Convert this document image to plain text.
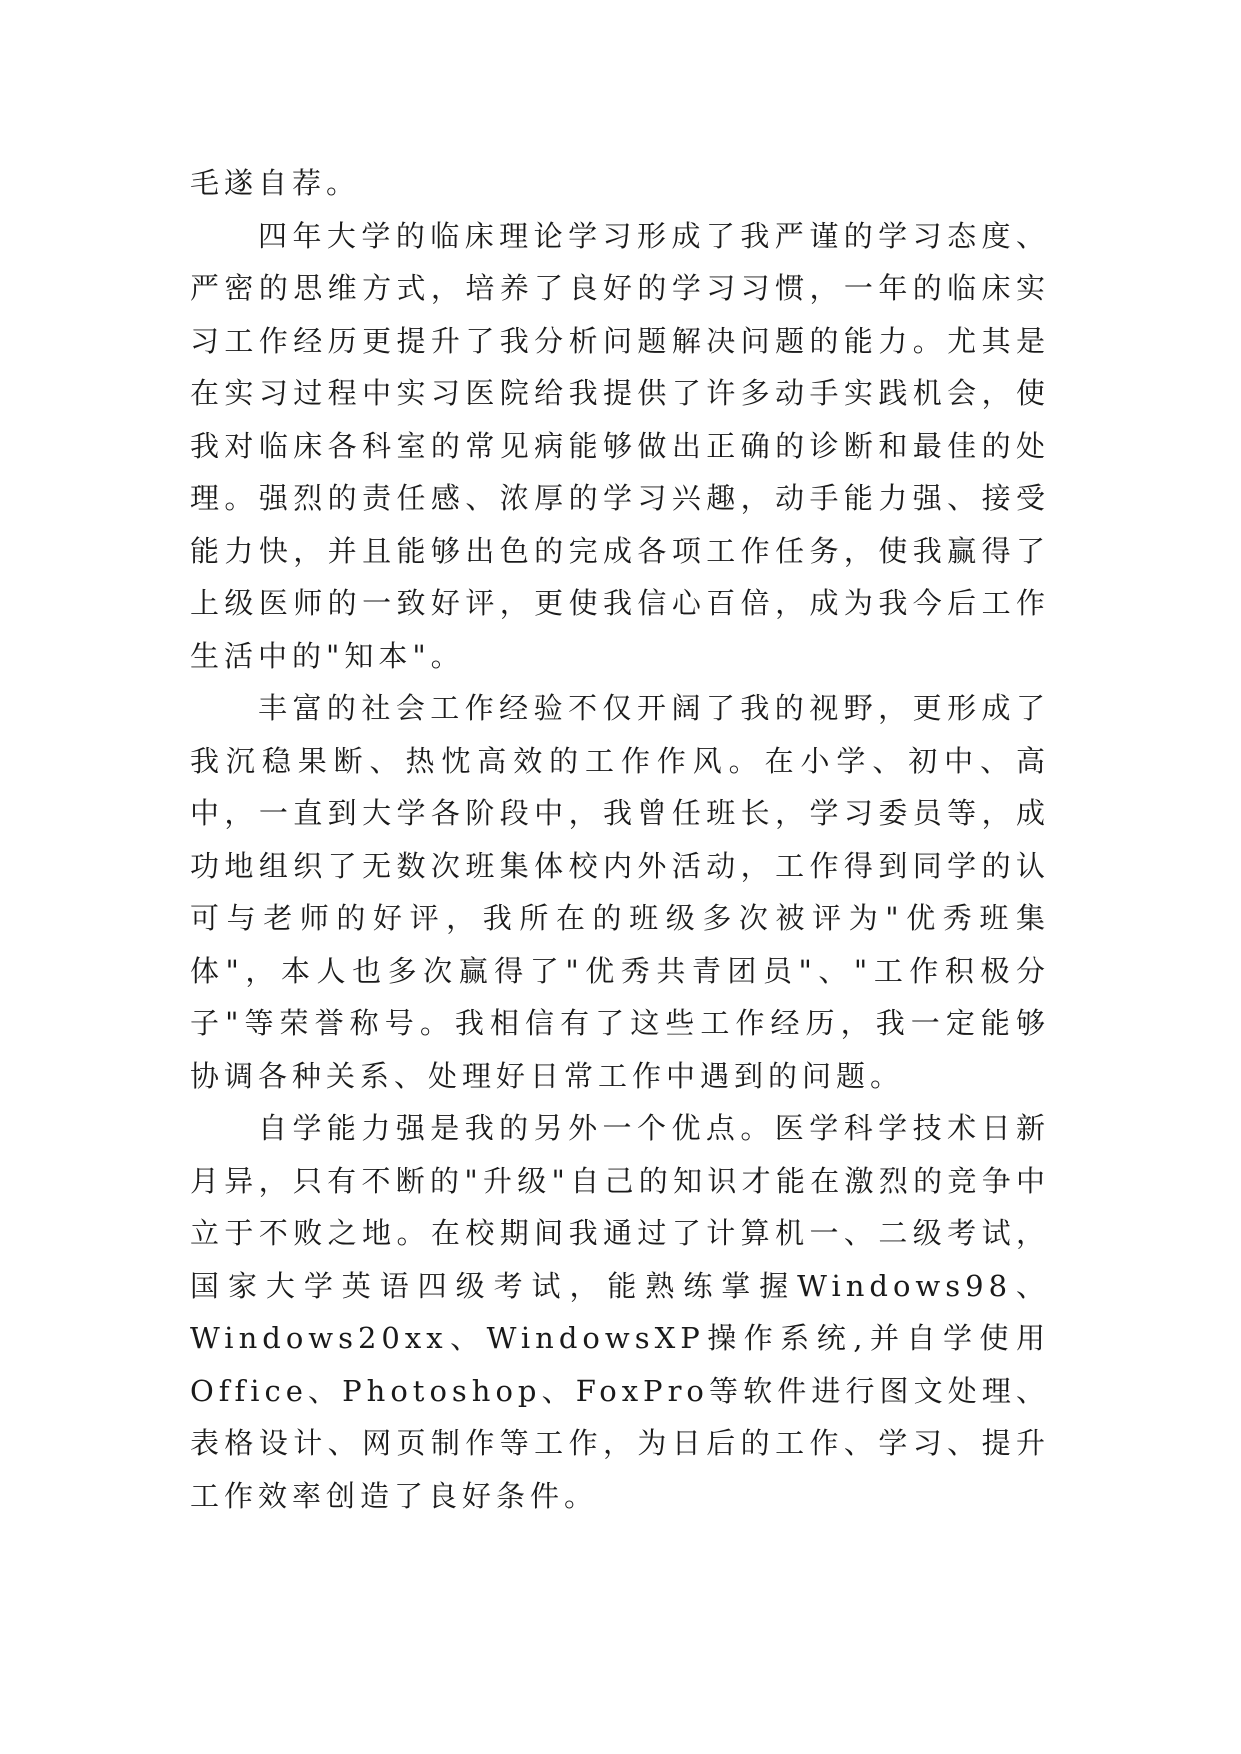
毛遂自荐。

四年大学的临床理论学习形成了我严谨的学习态度、严密的思维方式，培养了良好的学习习惯，一年的临床实习工作经历更提升了我分析问题解决问题的能力。尤其是在实习过程中实习医院给我提供了许多动手实践机会，使我对临床各科室的常见病能够做出正确的诊断和最佳的处理。强烈的责任感、浓厚的学习兴趣，动手能力强、接受能力快，并且能够出色的完成各项工作任务，使我赢得了上级医师的一致好评，更使我信心百倍，成为我今后工作生活中的"知本"。

丰富的社会工作经验不仅开阔了我的视野，更形成了我沉稳果断、热忱高效的工作作风。在小学、初中、高中，一直到大学各阶段中，我曾任班长，学习委员等，成功地组织了无数次班集体校内外活动，工作得到同学的认可与老师的好评，我所在的班级多次被评为"优秀班集体"，本人也多次赢得了"优秀共青团员"、"工作积极分子"等荣誉称号。我相信有了这些工作经历，我一定能够协调各种关系、处理好日常工作中遇到的问题。

自学能力强是我的另外一个优点。医学科学技术日新月异，只有不断的"升级"自己的知识才能在激烈的竞争中立于不败之地。在校期间我通过了计算机一、二级考试，国家大学英语四级考试，能熟练掌握Windows98、Windows20xx、WindowsXP操作系统,并自学使用Office、Photoshop、FoxPro等软件进行图文处理、表格设计、网页制作等工作，为日后的工作、学习、提升工作效率创造了良好条件。
